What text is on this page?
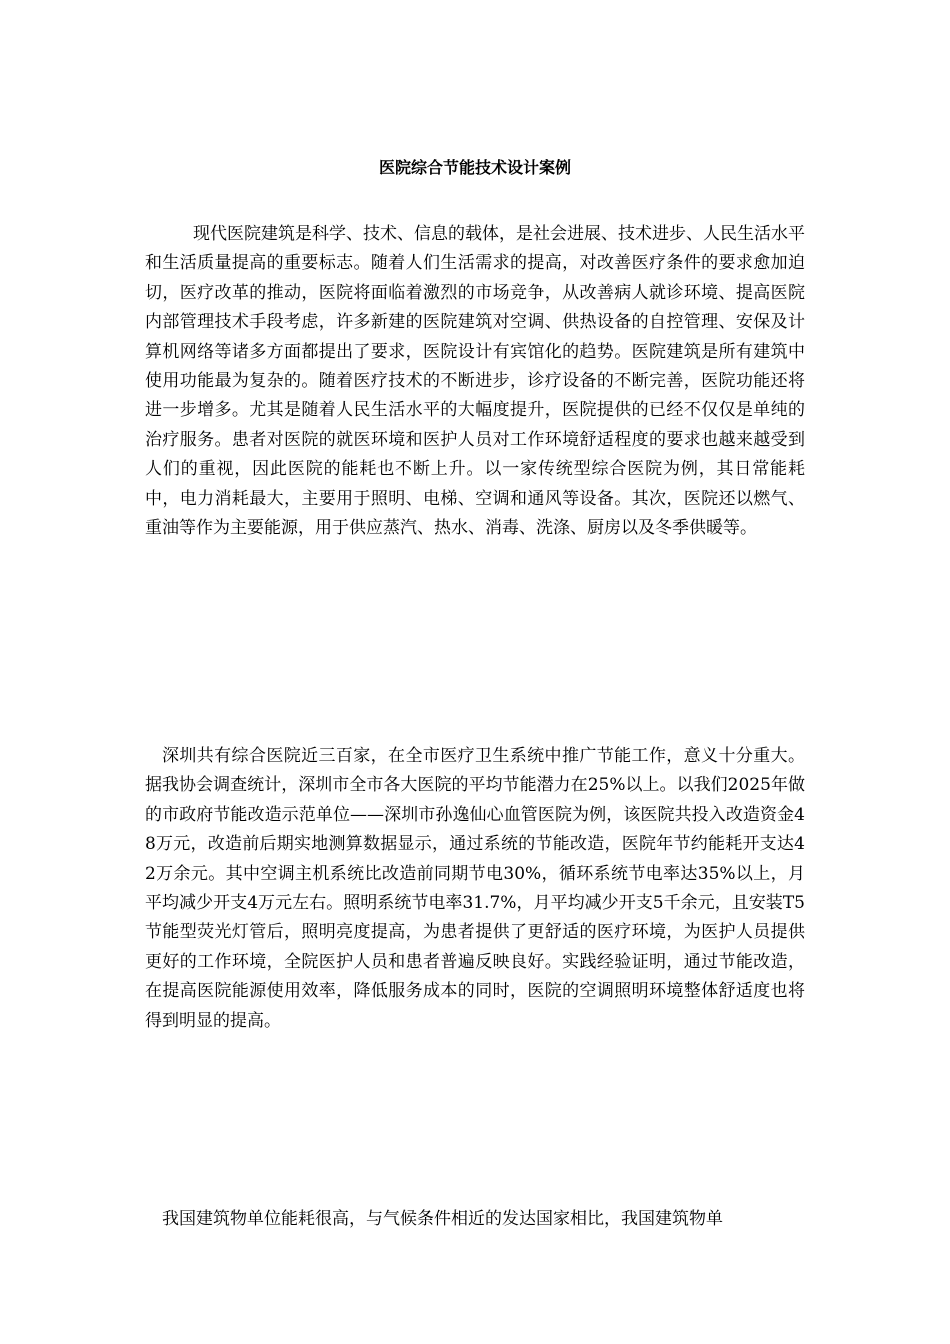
医院综合节能技术设计案例

现代医院建筑是科学、技术、信息的载体，是社会进展、技术进步、人民生活水平和生活质量提高的重要标志。随着人们生活需求的提高，对改善医疗条件的要求愈加迫切，医疗改革的推动，医院将面临着激烈的市场竞争，从改善病人就诊环境、提高医院内部管理技术手段考虑，许多新建的医院建筑对空调、供热设备的自控管理、安保及计算机网络等诸多方面都提出了要求，医院设计有宾馆化的趋势。医院建筑是所有建筑中使用功能最为复杂的。随着医疗技术的不断进步，诊疗设备的不断完善，医院功能还将进一步增多。尤其是随着人民生活水平的大幅度提升，医院提供的已经不仅仅是单纯的治疗服务。患者对医院的就医环境和医护人员对工作环境舒适程度的要求也越来越受到人们的重视，因此医院的能耗也不断上升。以一家传统型综合医院为例，其日常能耗中，电力消耗最大，主要用于照明、电梯、空调和通风等设备。其次，医院还以燃气、重油等作为主要能源，用于供应蒸汽、热水、消毒、洗涤、厨房以及冬季供暖等。

深圳共有综合医院近三百家，在全市医疗卫生系统中推广节能工作，意义十分重大。据我协会调查统计，深圳市全市各大医院的平均节能潜力在25%以上。以我们2025年做的市政府节能改造示范单位——深圳市孙逸仙心血管医院为例，该医院共投入改造资金48万元，改造前后期实地测算数据显示，通过系统的节能改造，医院年节约能耗开支达42万余元。其中空调主机系统比改造前同期节电30%，循环系统节电率达35%以上，月平均减少开支4万元左右。照明系统节电率31.7%，月平均减少开支5千余元，且安装T5节能型荧光灯管后，照明亮度提高，为患者提供了更舒适的医疗环境，为医护人员提供更好的工作环境，全院医护人员和患者普遍反映良好。实践经验证明，通过节能改造，在提高医院能源使用效率，降低服务成本的同时，医院的空调照明环境整体舒适度也将得到明显的提高。

我国建筑物单位能耗很高，与气候条件相近的发达国家相比，我国建筑物单
